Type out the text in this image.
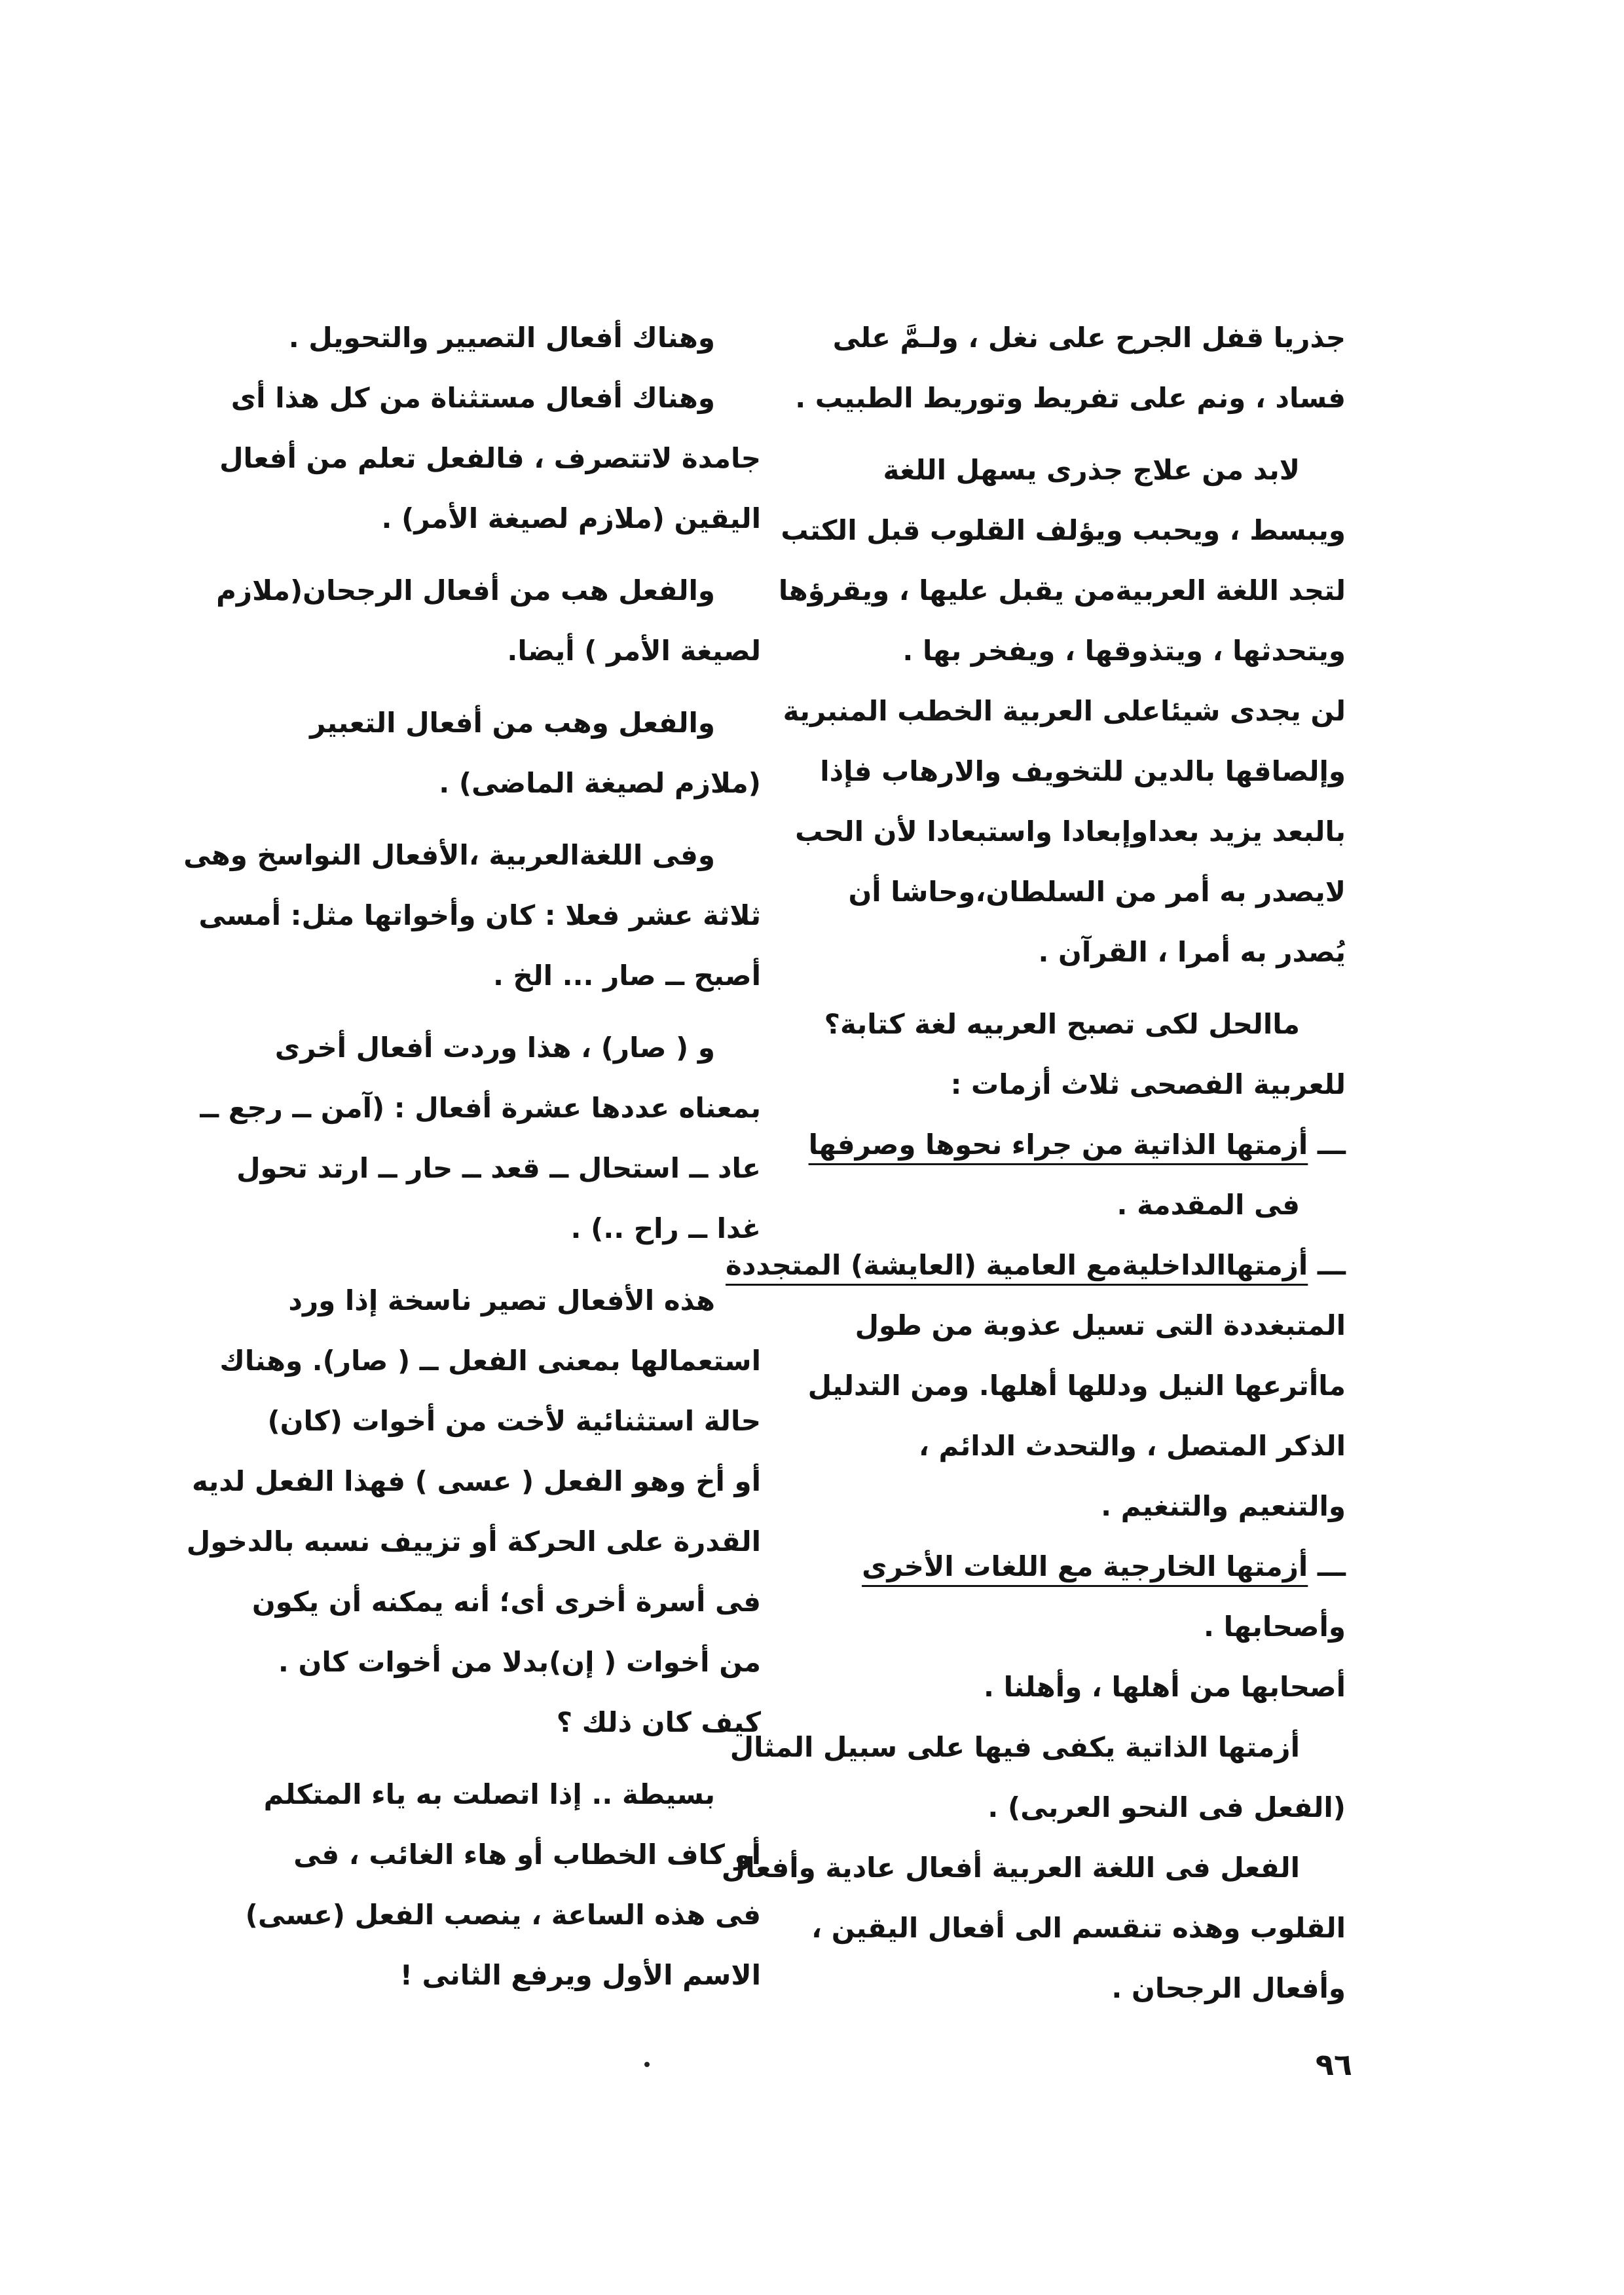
جذريا قفل الجرح على نغل ، ولـمَّ على
فساد ، ونم على تفريط وتوريط الطبيب .
لابد من علاج جذرى يسهل اللغة
ويبسط ، ويحبب ويؤلف القلوب قبل الكتب
لتجد اللغة العربيةمن يقبل عليها ، ويقرؤها
ويتحدثها ، ويتذوقها ، ويفخر بها .
لن يجدى شيئاعلى العربية الخطب المنبرية
وإلصاقها بالدين للتخويف والارهاب فإذا
بالبعد يزيد بعداوإبعادا واستبعادا لأن الحب
لايصدر به أمر من السلطان،وحاشا أن
يُصدر به أمرا ، القرآن .
ماالحل لكى تصبح العربيه لغة كتابة؟
للعربية الفصحى ثلاث أزمات :
ـــ أزمتها الذاتية من جراء نحوها وصرفها
فى المقدمة .
ـــ أزمتهاالداخليةمع العامية (العايشة) المتجددة
المتبغددة التى تسيل عذوبة من طول
ماأترعها النيل ودللها أهلها. ومن التدليل
الذكر المتصل ، والتحدث الدائم ،
والتنعيم والتنغيم .
ـــ أزمتها الخارجية مع اللغات الأخرى
وأصحابها .
أصحابها من أهلها ، وأهلنا .
أزمتها الذاتية يكفى فيها على سبيل المثال
(الفعل فى النحو العربى) .
الفعل فى اللغة العربية أفعال عادية وأفعال
القلوب وهذه تنقسم الى أفعال اليقين ،
وأفعال الرجحان .
وهناك أفعال التصيير والتحويل .
وهناك أفعال مستثناة من كل هذا أى
جامدة لاتتصرف ، فالفعل تعلم من أفعال
اليقين (ملازم لصيغة الأمر) .
والفعل هب من أفعال الرجحان(ملازم
لصيغة الأمر ) أيضا.
والفعل وهب من أفعال التعبير
(ملازم لصيغة الماضى) .
وفى اللغةالعربية ،الأفعال النواسخ وهى
ثلاثة عشر فعلا : كان وأخواتها مثل: أمسى
أصبح ــ صار ... الخ .
و ( صار) ، هذا وردت أفعال أخرى
بمعناه عددها عشرة أفعال : (آمن ــ رجع ــ
عاد ــ استحال ــ قعد ــ حار ــ ارتد تحول
غدا ــ راح ..) .
هذه الأفعال تصير ناسخة إذا ورد
استعمالها بمعنى الفعل ــ ( صار). وهناك
حالة استثنائية لأخت من أخوات (كان)
أو أخ وهو الفعل ( عسى ) فهذا الفعل لديه
القدرة على الحركة أو تزييف نسبه بالدخول
فى أسرة أخرى أى؛ أنه يمكنه أن يكون
من أخوات ( إن)بدلا من أخوات كان .
كيف كان ذلك ؟
بسيطة .. إذا اتصلت به ياء المتكلم
أو كاف الخطاب أو هاء الغائب ، فى
فى هذه الساعة ، ينصب الفعل (عسى)
الاسم الأول ويرفع الثانى !
٩٦
